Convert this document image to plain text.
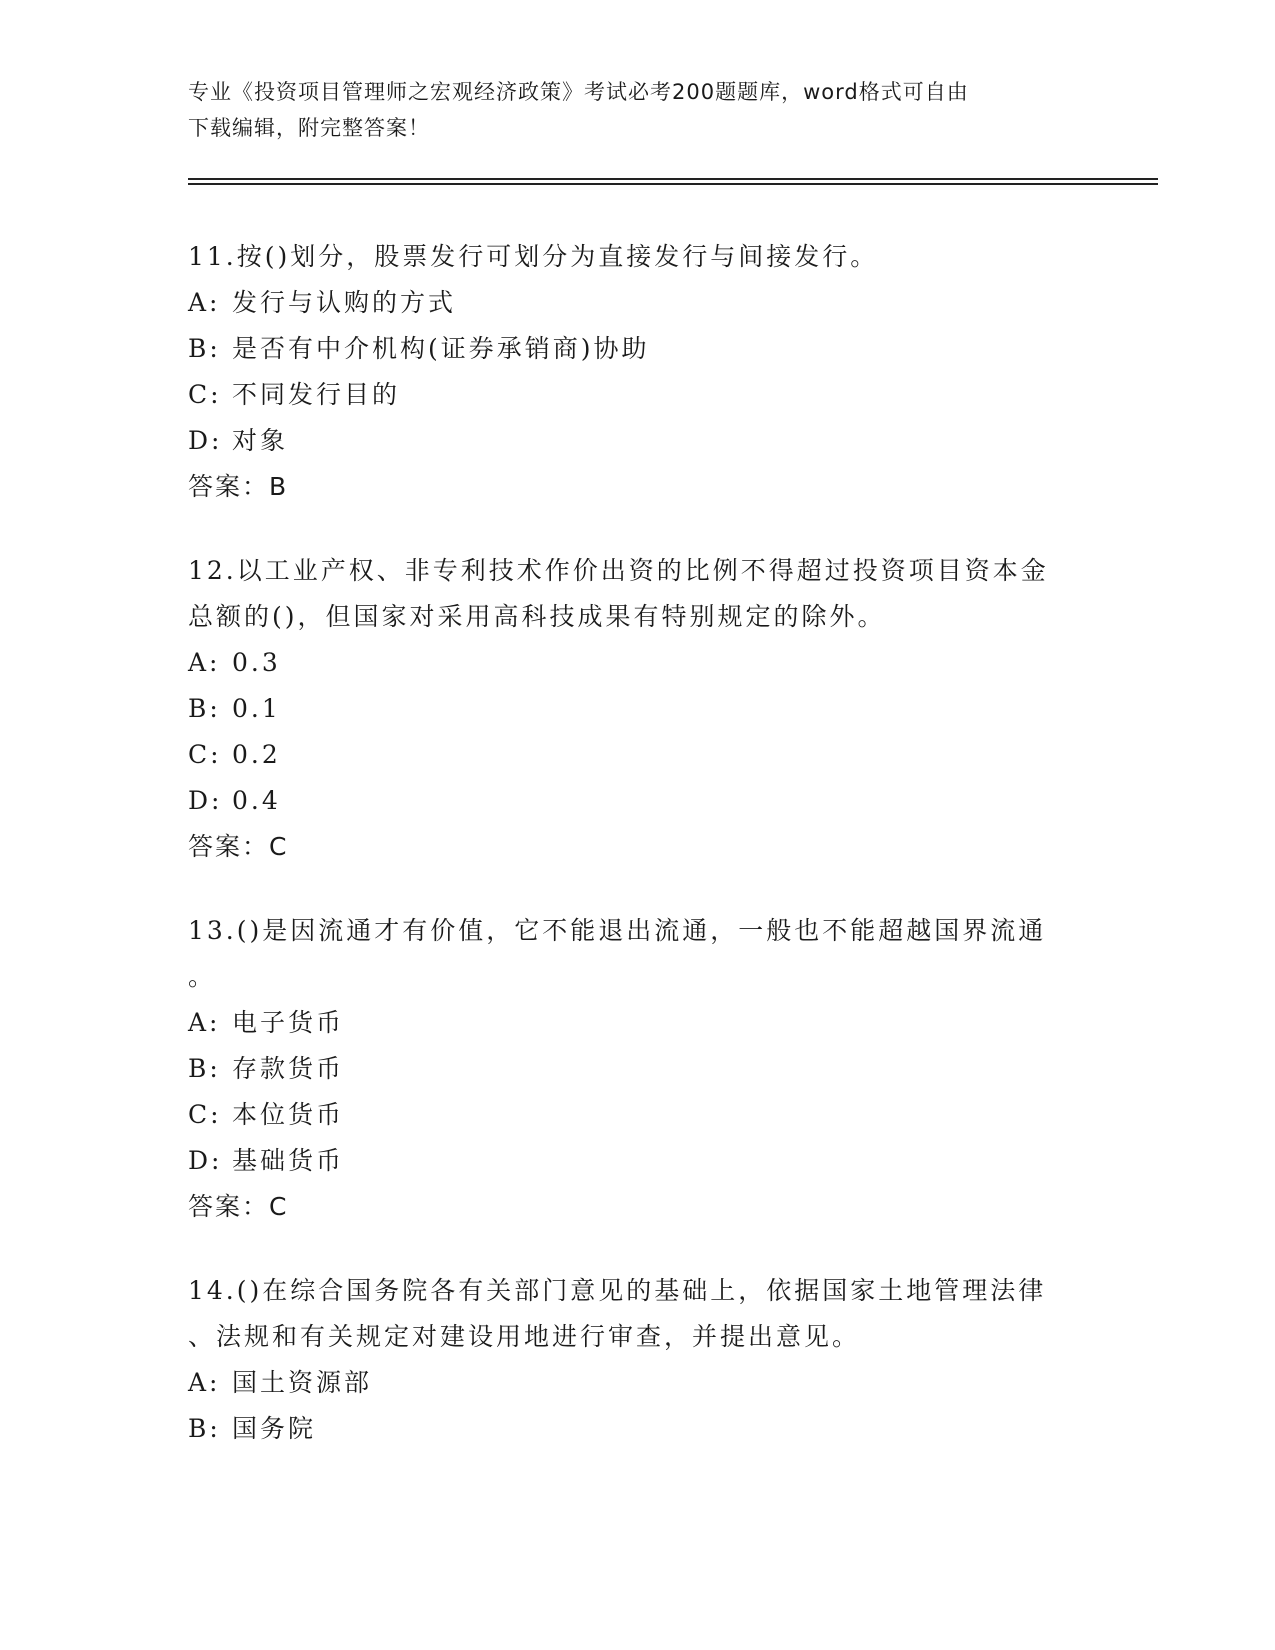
专业《投资项目管理师之宏观经济政策》考试必考200题题库，word格式可自由
下载编辑，附完整答案！
11.按()划分，股票发行可划分为直接发行与间接发行。
A: 发行与认购的方式
B: 是否有中介机构(证券承销商)协助
C: 不同发行目的
D: 对象
答案：B
12.以工业产权、非专利技术作价出资的比例不得超过投资项目资本金
总额的()，但国家对采用高科技成果有特别规定的除外。
A: 0.3
B: 0.1
C: 0.2
D: 0.4
答案：C
13.()是因流通才有价值，它不能退出流通，一般也不能超越国界流通
。
A: 电子货币
B: 存款货币
C: 本位货币
D: 基础货币
答案：C
14.()在综合国务院各有关部门意见的基础上，依据国家土地管理法律
、法规和有关规定对建设用地进行审查，并提出意见。
A: 国土资源部
B: 国务院
